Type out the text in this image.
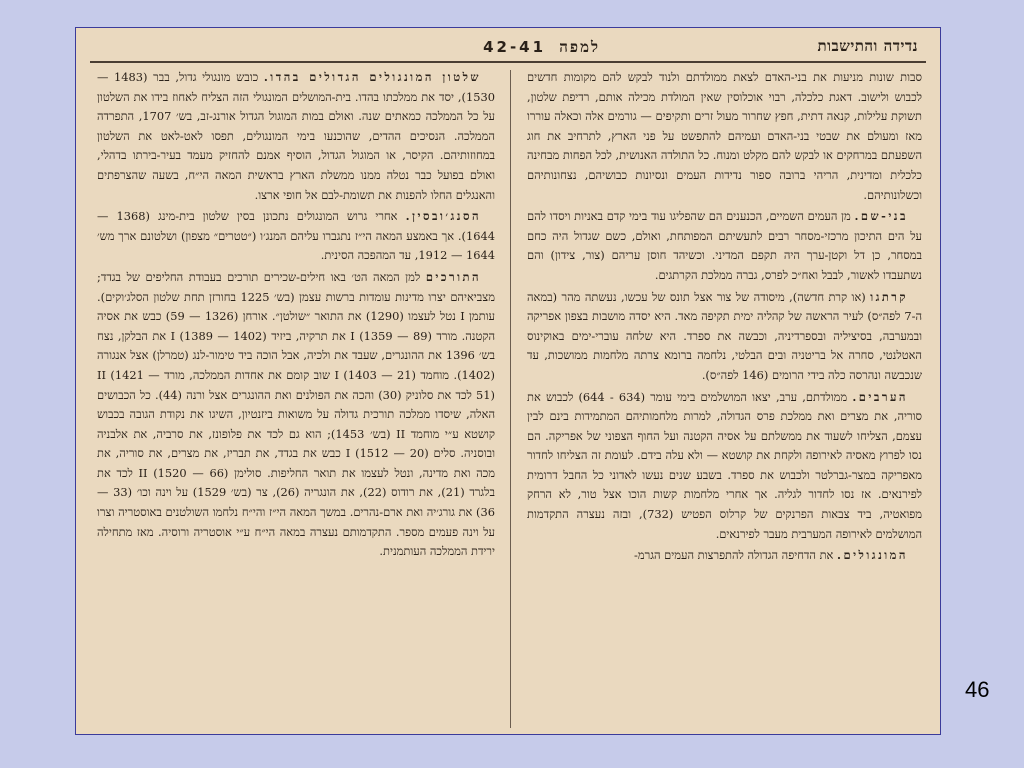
נדידה והתישבות
למפה 42-41

סבות שונות מניעות את בני-האדם לצאת ממולדתם ולנוד לבקש להם מקומות חדשים לכבוש ולישוב. דאגת כלכלה, רבוי אוכלוסין שאין המולדת מכילה אותם, רדיפת שלטון, תשוקת עלילות, קנאה דתית, חפץ שחרור מעול זרים ותקיפים — גורמים אלה וכאלה עוררו מאז ומעולם את שבטי בני-האדם ועמיהם להתפשט על פני הארץ, לתרחיב את חוג השפעתם במרחקים או לבקש להם מקלט ומנוח. כל התולדה האנושית, לכל הפחות מבחינה כלכלית ומדינית, הריהי ברובה ספור נדידות העמים ונסיונות כבושיהם, נצחונותיהם וכשלונותיהם.

בני-שם. מן העמים השמיים, הכנענים הם שהפליגו עוד בימי קדם באניות ויסדו להם על הים התיכון מרכזי-מסחר רבים לתעשיתם המפותחת, ואולם, כשם שגדול היה כחם במסחר, כן דל וקטן-ערך היה תקפם המדיני. וכשיהד חוסן עריהם (צור, צידון) והם נשתעבדו לאשור, לבבל ואח״כ לפרס, גברה ממלכת הקרתגים.

קרתגו (או קרת חדשה), מיסודה של צור אצל תונס של עכשו, נעשתה מהר (במאה ה-7 לפה״ס) לעיר הראשה של קהליה ימית תקיפה מאד. היא יסדה מושבות בצפון אפריקה ובמערבה, בסיציליה ובספרדיניה, וכבשה את ספרד. היא שלחה עוברי-ימים באוקינוס האטלנטי, סחרה אל בריטניה ובים הבלטי, נלחמה ברומא צרתה מלחמות ממושכות, עד שנכבשה ונהרסה כלה בידי הרומים (146 לפה״ס).

הערבים. ממולדתם, ערב, יצאו המושלמים בימי עומר (634 - 644) לכבוש את סוריה, את מצרים ואת ממלכת פרס הגדולה, למרות מלחמותיהם המתמידות בינם לבין עצמם, הצליחו לשעוד את ממשלתם על אסיה הקטנה ועל החוף הצפוני של אפריקה. הם נסו לפרוץ מאסיה לאירופה ולקחת את קושטא — ולא עלה בידם. לעומת זה הצליחו לחדור מאפריקה במצר-גברלטר ולכבוש את ספרד. בשבע שנים נעשו לאדוני כל החבל דרומית לפירנאים. אז נסו לחדור לגליה. אך אחרי מלחמות קשות הוכו אצל טור, לא הרחק מפואטיה, ביד צבאות הפרנקים של קרלוס הפטיש (732), ובזה נעצרה התקדמות המושלמים לאירופה המערבית מעבר לפירנאים.

המונגולים. את הדחיפה הגדולה להתפרצות העמים הגרמ-

שלטון המונגולים הגדולים בהדו. כובש מונגולי גדול, בבר (1483 — 1530), יסד את ממלכתו בהדו. בית-המושלים המונגולי הזה הצליח לאחוז בידו את השלטון על כל הממלכה כמאתים שנה. ואולם במות המוגול הגדול אורנג-זב, בש׳ 1707, התפרדה הממלכה. הנסיכים ההדים, שהוכנעו בימי המונגולים, תפסו לאט-לאט את השלטון במחוזותיהם. הקיסר, או המוגול הגדול, הוסיף אמנם להחזיק מעמד בעיר-בירתו בדהלי, ואולם בפועל כבר נטלה ממנו ממשלת הארץ בראשית המאה הי״ח, בשעה שהצרפתים והאנגלים החלו להפנות את תשומת-לבם אל חופי ארצו.

הסנג׳ובסין. אחרי גרוש המונגולים נתכונן בסין שלטון בית-מינג (1368 — 1644). אך באמצע המאה הי״ז נתגברו עליהם המנג׳ו (״טטרים״ מצפון) ושלטונם ארך מש׳ 1644 — 1912, עד המהפכה הסינית.

התורכים למן המאה הט׳ באו חילים-שכירים תורכים בעבודת החליפים של בגדד; מצביאיהם יצרו מדינות עומדות ברשות עצמן (בש׳ 1225 בחורזן תחת שלטון הסלג׳וקים). עותמן I נטל לעצמו (1290) את התואר ״שולטן״. אורחן (1326 — 59) כבש את אסיה הקטנה. מורד I (1359 — 89) את תרקיה, ביזיד I (1389 — 1402) את הבלקן, נצח בש׳ 1396 את ההונגרים, שעבד את ולכיה, אבל הוכה ביד טימור-לנג (טמרלן) אצל אנגורה (1402). מוחמד I (1403 — 21) שוב קומם את אחדות הממלכה, מורד II (1421 — 51) לכד את סלוניק (30) והכה את הפולנים ואת ההונגרים אצל ורנה (44). כל הכבושים האלה, שיסדו ממלכה תורכית גדולה על משואות ביזנטיון, השיגו את נקודת הגובה בכבוש קושטא ע״י מוחמד II (בש׳ 1453); הוא גם לכד את פלופונז, את סרביה, את אלבניה ובוסניה. סלים I (1512 — 20) כבש את בגדד, את תבריז, את מצרים, את סוריה, את מכה ואת מדינה, ונטל לעצמו את תואר החליפות. סולימן II (1520 — 66) לכד את בלגרד (21), את רודוס (22), את הונגריה (26), צר (בש׳ 1529) על וינה וכו׳ (33 — 36) את גורג׳יה ואת ארם-נהרים. במשך המאה הי״ז והי״ח נלחמו השולטנים באוסטריה וצרו על וינה פעמים מספר. התקדמותם נעצרה במאה הי״ח ע״י אוסטריה ורוסיה. מאז מתחילה ירידת הממלכה העותמנית.

46
